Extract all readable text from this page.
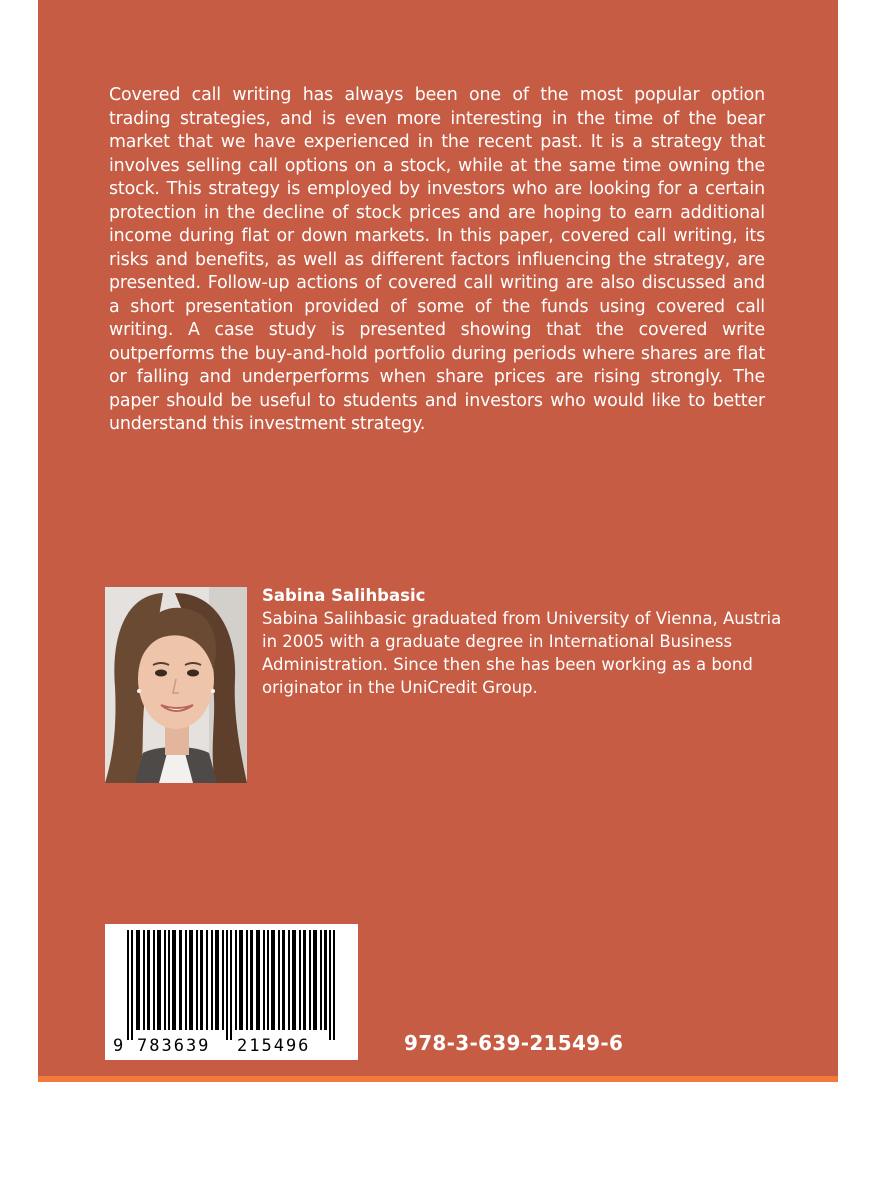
Covered call writing has always been one of the most popular option trading strategies, and is even more interesting in the time of the bear market that we have experienced in the recent past. It is a strategy that involves selling call options on a stock, while at the same time owning the stock. This strategy is employed by investors who are looking for a certain protection in the decline of stock prices and are hoping to earn additional income during flat or down markets. In this paper, covered call writing, its risks and benefits, as well as different factors influencing the strategy, are presented. Follow-up actions of covered call writing are also discussed and a short presentation provided of some of the funds using covered call writing. A case study is presented showing that the covered write outperforms the buy-and-hold portfolio during periods where shares are flat or falling and underperforms when share prices are rising strongly. The paper should be useful to students and investors who would like to better understand this investment strategy.

Sabina Salihbasic

Sabina Salihbasic graduated from University of Vienna, Austria in 2005 with a graduate degree in International Business Administration. Since then she has been working as a bond originator in the UniCredit Group.

9 783639 215496	978-3-639-21549-6
